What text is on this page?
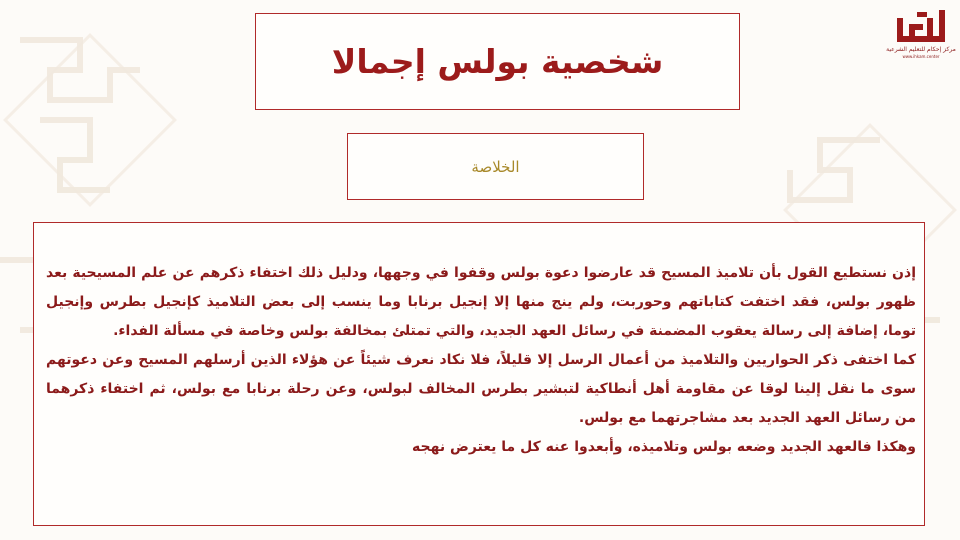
مركز إحكام للتعليم الشرعية
www.ihkam.center
شخصية بولس إجمالا
الخلاصة

إذن نستطيع القول بأن تلاميذ المسيح قد عارضوا دعوة بولس وقفوا في وجهها، ودليل ذلك اختفاء ذكرهم عن علم المسيحية بعد ظهور بولس، فقد اختفت كتاباتهم وحوربت، ولم ينج منها إلا إنجيل برنابا وما ينسب إلى بعض التلاميذ كإنجيل بطرس وإنجيل توما، إضافة إلى رسالة يعقوب المضمنة في رسائل العهد الجديد، والتي تمتلئ بمخالفة بولس وخاصة في مسألة الفداء.

كما اختفى ذكر الحواريين والتلاميذ من أعمال الرسل إلا قليلاً، فلا نكاد نعرف شيئاً عن هؤلاء الذين أرسلهم المسيح وعن دعوتهم سوى ما نقل إلينا لوقا عن مقاومة أهل أنطاكية لتبشير بطرس المخالف لبولس، وعن رحلة برنابا مع بولس، ثم اختفاء ذكرهما من رسائل العهد الجديد بعد مشاجرتهما مع بولس.

وهكذا فالعهد الجديد وضعه بولس وتلاميذه، وأبعدوا عنه كل ما يعترض نهجه
